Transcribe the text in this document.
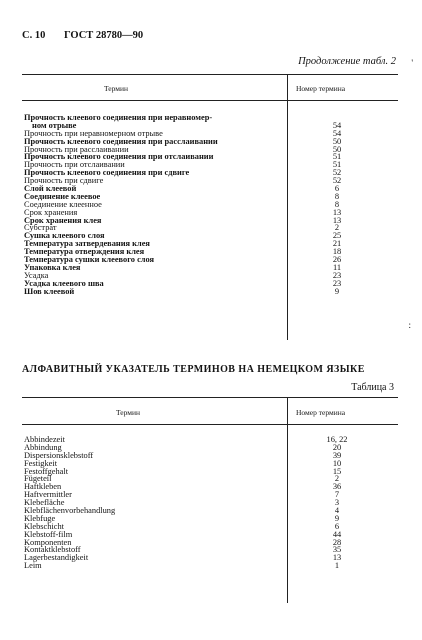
С. 10 ГОСТ 28780—90
Продолжение табл. 2 '
Термин	Номер термина
Прочность клеевого соединения при неравномер-
ном отрыве	54
Прочность при неравномерном отрыве	54
Прочность клеевого соединения при расслаивании	50
Прочность при расслаивании	50
Прочность клеевого соединения при отслаивании	51
Прочность при отслаивании	51
Прочность клеевого соединения при сдвиге	52
Прочность при сдвиге	52
Слой клеевой	6
Соединение клеевое	8
Соединение клеенное	8
Срок хранения	13
Срок хранения клея	13
Субстрат	2
Сушка клеевого слоя	25
Температура затвердевания клея	21
Температура отверждения клея	18
Температура сушки клеевого слоя	26
Упаковка клея	11
Усадка	23
Усадка клеевого шва	23
Шов клеевой	9
:
АЛФАВИТНЫЙ УКАЗАТЕЛЬ ТЕРМИНОВ НА НЕМЕЦКОМ ЯЗЫКЕ
Таблица 3
Термин	Номер термина
Abbindezeit	16, 22
Abbindung	20
Dispersionsklebstoff	39
Festigkeit	10
Festoffgehalt	15
Fügeteil	2
Haftkleben	36
Haftvermittler	7
Klebefläche	3
Klebflächenvorbehandlung	4
Klebfuge	9
Klebschicht	6
Klebstoff-film	44
Komponenten	28
Kontaktklebstoff	35
Lagerbestandigkeit	13
Leim	1
